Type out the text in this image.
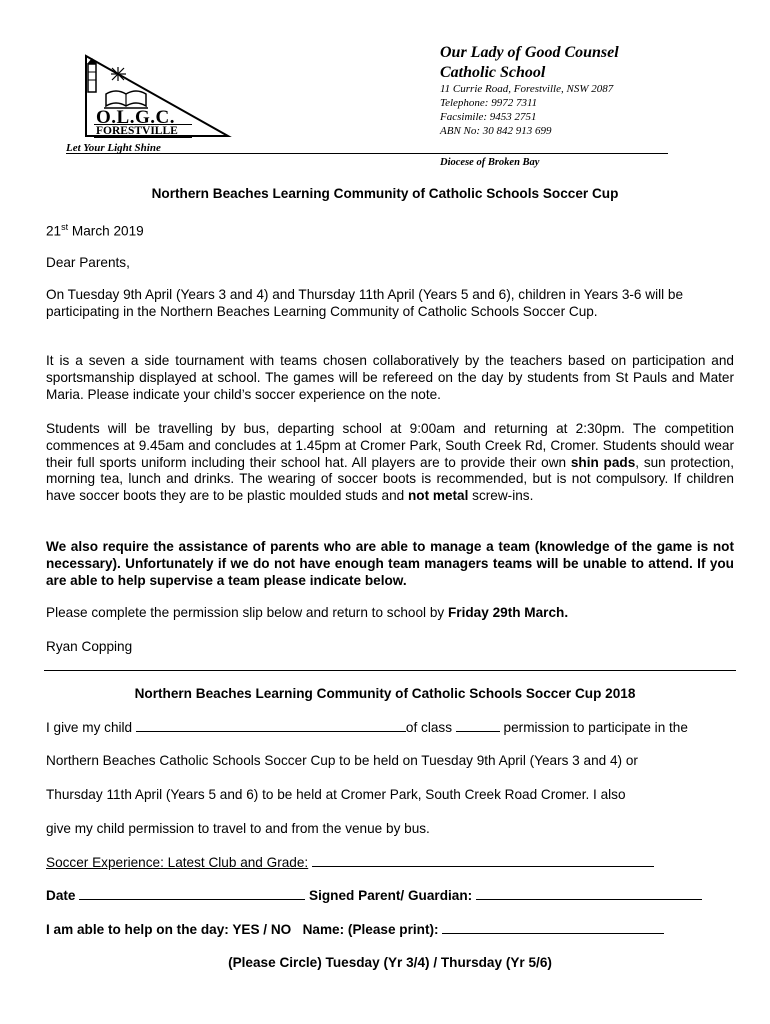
O.L.G.C.
FORESTVILLE
Let Your Light Shine
Our Lady of Good Counsel
Catholic School
11 Currie Road, Forestville, NSW 2087
Telephone: 9972 7311
Facsimile: 9453 2751
ABN No: 30 842 913 699
Diocese of Broken Bay
Northern Beaches Learning Community of Catholic Schools Soccer Cup
21st March 2019
Dear Parents,

On Tuesday 9th April (Years 3 and 4) and Thursday 11th April (Years 5 and 6), children in Years 3-6 will be participating in the Northern Beaches Learning Community of Catholic Schools Soccer Cup.

It is a seven a side tournament with teams chosen collaboratively by the teachers based on participation and sportsmanship displayed at school. The games will be refereed on the day by students from St Pauls and Mater Maria. Please indicate your child’s soccer experience on the note.

Students will be travelling by bus, departing school at 9:00am and returning at 2:30pm. The competition commences at 9.45am and concludes at 1.45pm at Cromer Park, South Creek Rd, Cromer. Students should wear their full sports uniform including their school hat. All players are to provide their own shin pads, sun protection, morning tea, lunch and drinks. The wearing of soccer boots is recommended, but is not compulsory. If children have soccer boots they are to be plastic moulded studs and not metal screw-ins.

We also require the assistance of parents who are able to manage a team (knowledge of the game is not necessary). Unfortunately if we do not have enough team managers teams will be unable to attend. If you are able to help supervise a team please indicate below.

Please complete the permission slip below and return to school by Friday 29th March.

Ryan Copping
Northern Beaches Learning Community of Catholic Schools Soccer Cup 2018
I give my child	of class	permission to participate in the
Northern Beaches Catholic Schools Soccer Cup to be held on Tuesday 9th April (Years 3 and 4) or
Thursday 11th April (Years 5 and 6) to be held at Cromer Park, South Creek Road Cromer. I also
give my child permission to travel to and from the venue by bus.
Soccer Experience: Latest Club and Grade:
Date	Signed Parent/ Guardian:
I am able to help on the day: YES / NO Name: (Please print):
(Please Circle) Tuesday (Yr 3/4) / Thursday (Yr 5/6)
